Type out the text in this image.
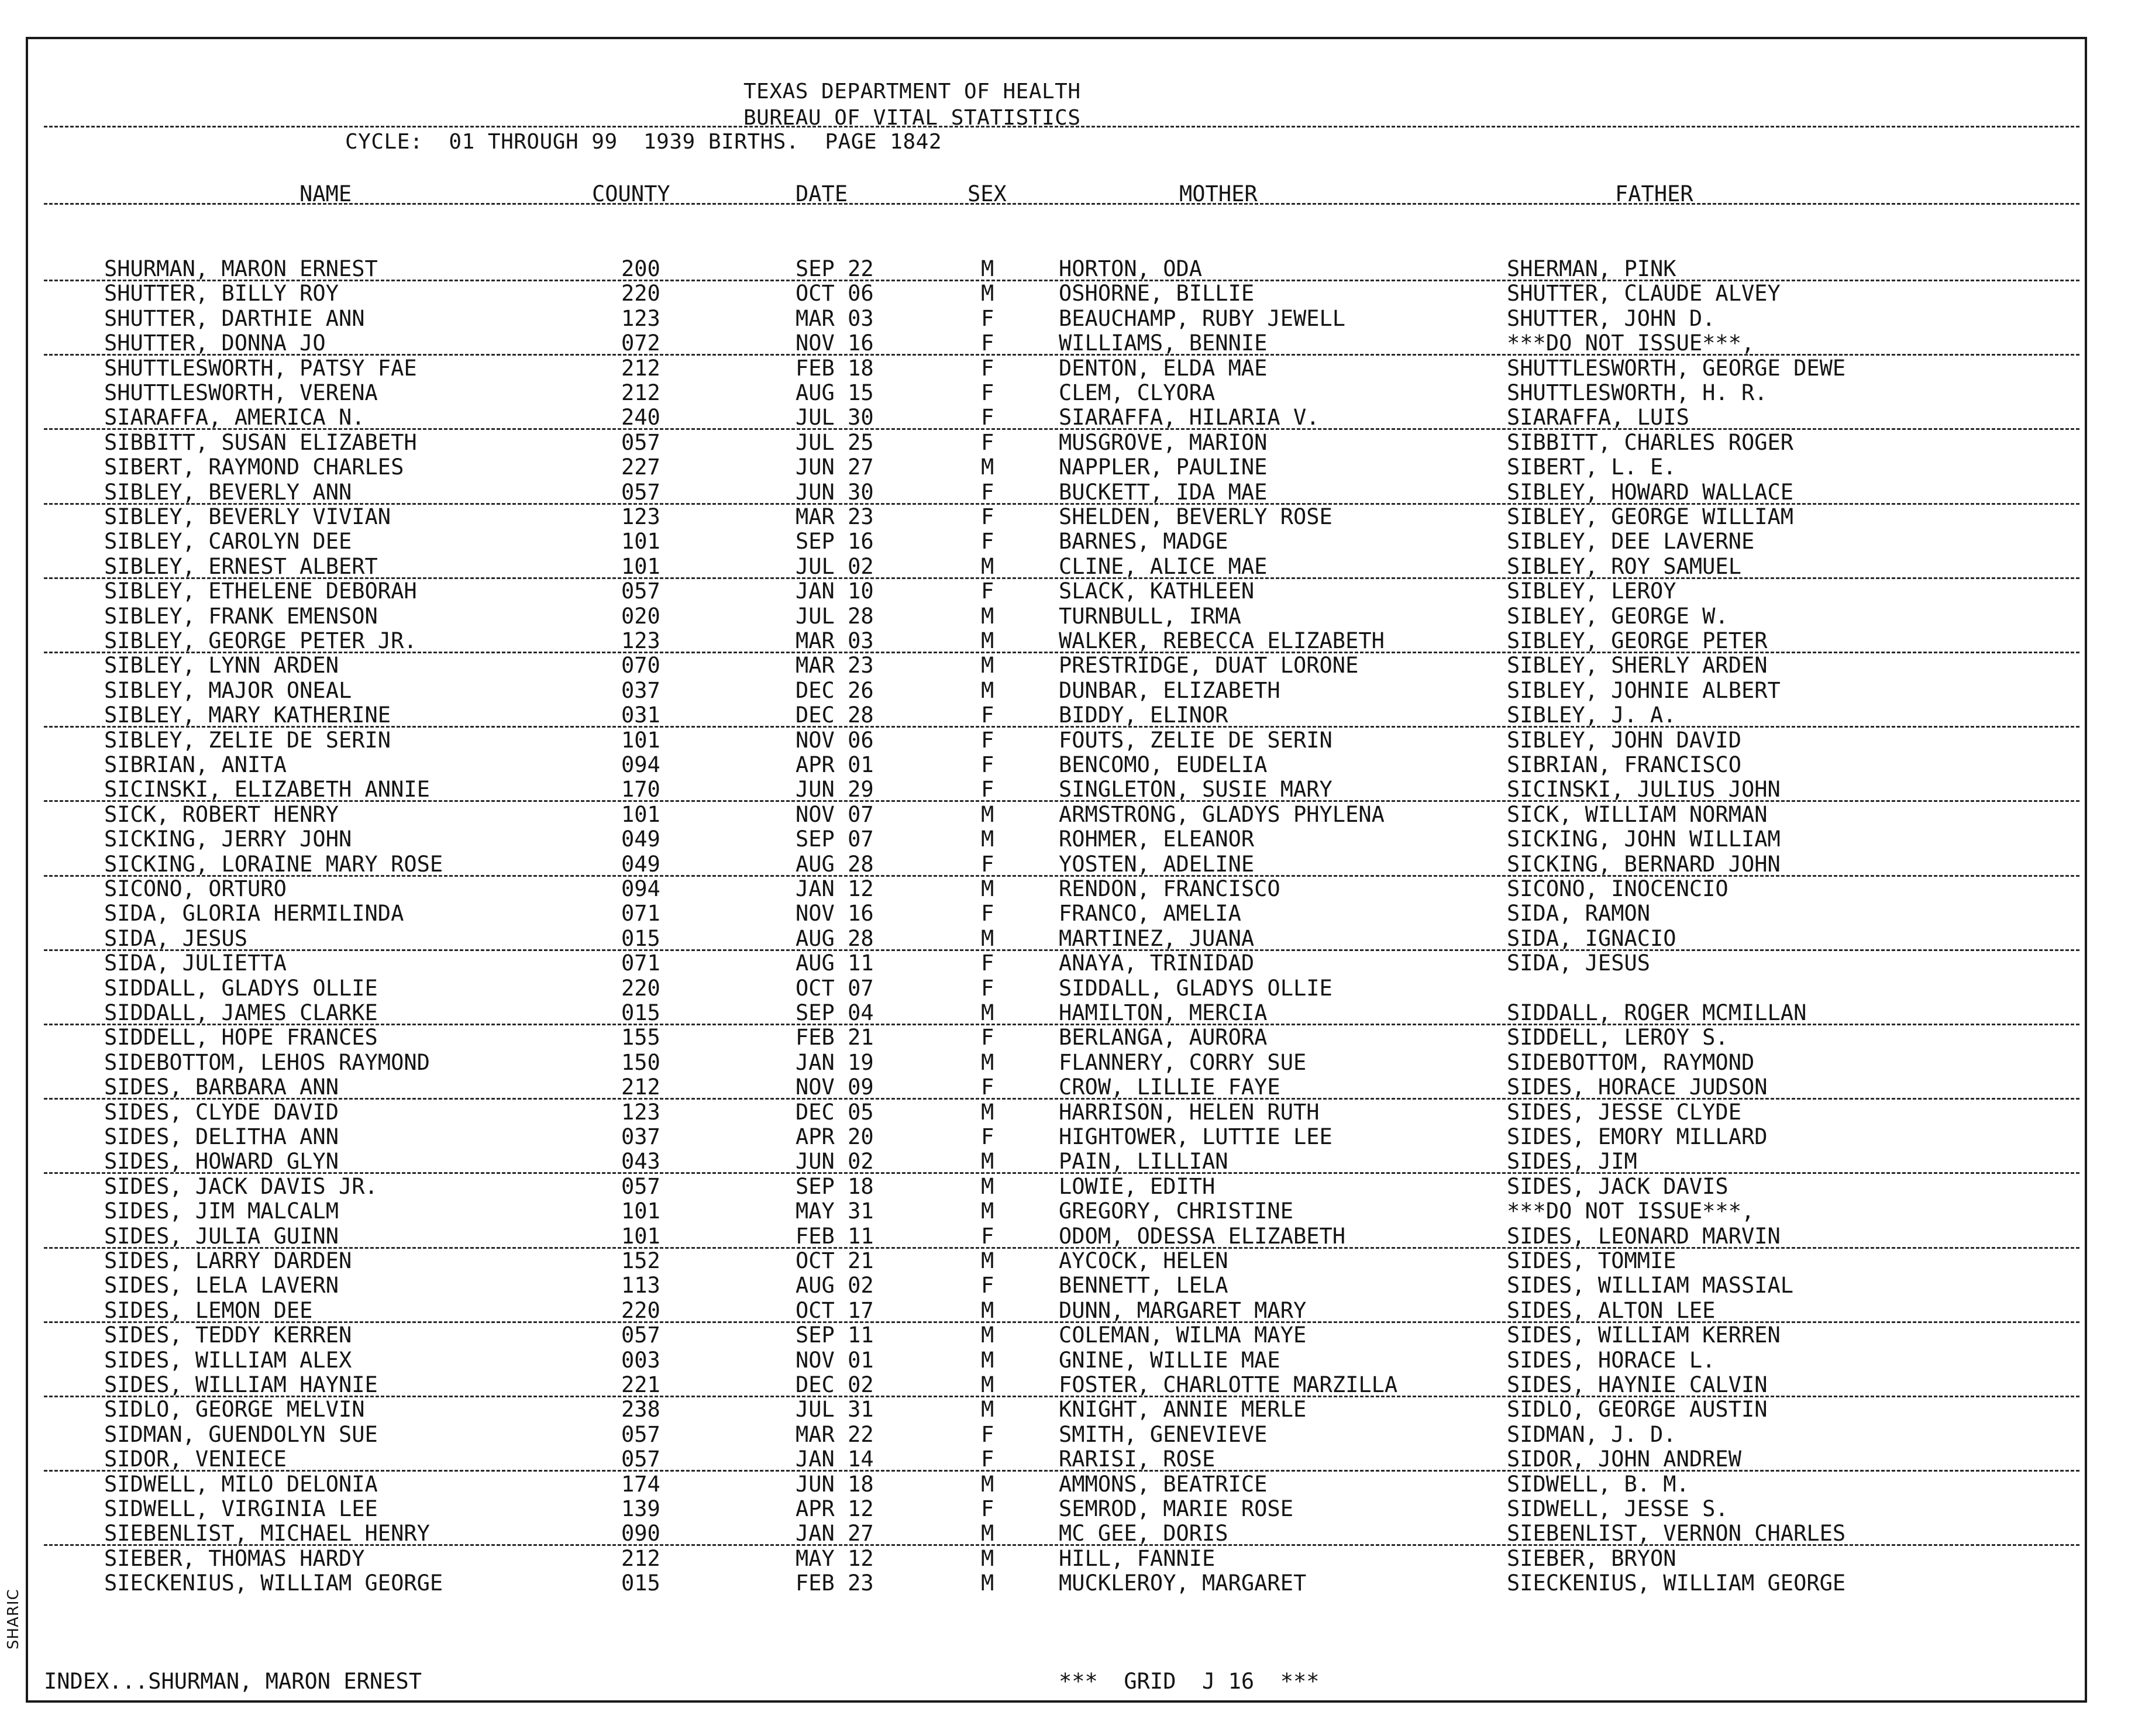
SHARIC
TEXAS DEPARTMENT OF HEALTH
BUREAU OF VITAL STATISTICS
CYCLE:  01 THROUGH 99  1939 BIRTHS.  PAGE 1842
NAME	COUNTY	DATE	SEX	MOTHER	FATHER
SHURMAN, MARON ERNEST	200	SEP 22	M	HORTON, ODA	SHERMAN, PINK
SHUTTER, BILLY ROY	220	OCT 06	M	OSHORNE, BILLIE	SHUTTER, CLAUDE ALVEY
SHUTTER, DARTHIE ANN	123	MAR 03	F	BEAUCHAMP, RUBY JEWELL	SHUTTER, JOHN D.
SHUTTER, DONNA JO	072	NOV 16	F	WILLIAMS, BENNIE	***DO NOT ISSUE***,
SHUTTLESWORTH, PATSY FAE	212	FEB 18	F	DENTON, ELDA MAE	SHUTTLESWORTH, GEORGE DEWE
SHUTTLESWORTH, VERENA	212	AUG 15	F	CLEM, CLYORA	SHUTTLESWORTH, H. R.
SIARAFFA, AMERICA N.	240	JUL 30	F	SIARAFFA, HILARIA V.	SIARAFFA, LUIS
SIBBITT, SUSAN ELIZABETH	057	JUL 25	F	MUSGROVE, MARION	SIBBITT, CHARLES ROGER
SIBERT, RAYMOND CHARLES	227	JUN 27	M	NAPPLER, PAULINE	SIBERT, L. E.
SIBLEY, BEVERLY ANN	057	JUN 30	F	BUCKETT, IDA MAE	SIBLEY, HOWARD WALLACE
SIBLEY, BEVERLY VIVIAN	123	MAR 23	F	SHELDEN, BEVERLY ROSE	SIBLEY, GEORGE WILLIAM
SIBLEY, CAROLYN DEE	101	SEP 16	F	BARNES, MADGE	SIBLEY, DEE LAVERNE
SIBLEY, ERNEST ALBERT	101	JUL 02	M	CLINE, ALICE MAE	SIBLEY, ROY SAMUEL
SIBLEY, ETHELENE DEBORAH	057	JAN 10	F	SLACK, KATHLEEN	SIBLEY, LEROY
SIBLEY, FRANK EMENSON	020	JUL 28	M	TURNBULL, IRMA	SIBLEY, GEORGE W.
SIBLEY, GEORGE PETER JR.	123	MAR 03	M	WALKER, REBECCA ELIZABETH	SIBLEY, GEORGE PETER
SIBLEY, LYNN ARDEN	070	MAR 23	M	PRESTRIDGE, DUAT LORONE	SIBLEY, SHERLY ARDEN
SIBLEY, MAJOR ONEAL	037	DEC 26	M	DUNBAR, ELIZABETH	SIBLEY, JOHNIE ALBERT
SIBLEY, MARY KATHERINE	031	DEC 28	F	BIDDY, ELINOR	SIBLEY, J. A.
SIBLEY, ZELIE DE SERIN	101	NOV 06	F	FOUTS, ZELIE DE SERIN	SIBLEY, JOHN DAVID
SIBRIAN, ANITA	094	APR 01	F	BENCOMO, EUDELIA	SIBRIAN, FRANCISCO
SICINSKI, ELIZABETH ANNIE	170	JUN 29	F	SINGLETON, SUSIE MARY	SICINSKI, JULIUS JOHN
SICK, ROBERT HENRY	101	NOV 07	M	ARMSTRONG, GLADYS PHYLENA	SICK, WILLIAM NORMAN
SICKING, JERRY JOHN	049	SEP 07	M	ROHMER, ELEANOR	SICKING, JOHN WILLIAM
SICKING, LORAINE MARY ROSE	049	AUG 28	F	YOSTEN, ADELINE	SICKING, BERNARD JOHN
SICONO, ORTURO	094	JAN 12	M	RENDON, FRANCISCO	SICONO, INOCENCIO
SIDA, GLORIA HERMILINDA	071	NOV 16	F	FRANCO, AMELIA	SIDA, RAMON
SIDA, JESUS	015	AUG 28	M	MARTINEZ, JUANA	SIDA, IGNACIO
SIDA, JULIETTA	071	AUG 11	F	ANAYA, TRINIDAD	SIDA, JESUS
SIDDALL, GLADYS OLLIE	220	OCT 07	F	SIDDALL, GLADYS OLLIE
SIDDALL, JAMES CLARKE	015	SEP 04	M	HAMILTON, MERCIA	SIDDALL, ROGER MCMILLAN
SIDDELL, HOPE FRANCES	155	FEB 21	F	BERLANGA, AURORA	SIDDELL, LEROY S.
SIDEBOTTOM, LEHOS RAYMOND	150	JAN 19	M	FLANNERY, CORRY SUE	SIDEBOTTOM, RAYMOND
SIDES, BARBARA ANN	212	NOV 09	F	CROW, LILLIE FAYE	SIDES, HORACE JUDSON
SIDES, CLYDE DAVID	123	DEC 05	M	HARRISON, HELEN RUTH	SIDES, JESSE CLYDE
SIDES, DELITHA ANN	037	APR 20	F	HIGHTOWER, LUTTIE LEE	SIDES, EMORY MILLARD
SIDES, HOWARD GLYN	043	JUN 02	M	PAIN, LILLIAN	SIDES, JIM
SIDES, JACK DAVIS JR.	057	SEP 18	M	LOWIE, EDITH	SIDES, JACK DAVIS
SIDES, JIM MALCALM	101	MAY 31	M	GREGORY, CHRISTINE	***DO NOT ISSUE***,
SIDES, JULIA GUINN	101	FEB 11	F	ODOM, ODESSA ELIZABETH	SIDES, LEONARD MARVIN
SIDES, LARRY DARDEN	152	OCT 21	M	AYCOCK, HELEN	SIDES, TOMMIE
SIDES, LELA LAVERN	113	AUG 02	F	BENNETT, LELA	SIDES, WILLIAM MASSIAL
SIDES, LEMON DEE	220	OCT 17	M	DUNN, MARGARET MARY	SIDES, ALTON LEE
SIDES, TEDDY KERREN	057	SEP 11	M	COLEMAN, WILMA MAYE	SIDES, WILLIAM KERREN
SIDES, WILLIAM ALEX	003	NOV 01	M	GNINE, WILLIE MAE	SIDES, HORACE L.
SIDES, WILLIAM HAYNIE	221	DEC 02	M	FOSTER, CHARLOTTE MARZILLA	SIDES, HAYNIE CALVIN
SIDLO, GEORGE MELVIN	238	JUL 31	M	KNIGHT, ANNIE MERLE	SIDLO, GEORGE AUSTIN
SIDMAN, GUENDOLYN SUE	057	MAR 22	F	SMITH, GENEVIEVE	SIDMAN, J. D.
SIDOR, VENIECE	057	JAN 14	F	RARISI, ROSE	SIDOR, JOHN ANDREW
SIDWELL, MILO DELONIA	174	JUN 18	M	AMMONS, BEATRICE	SIDWELL, B. M.
SIDWELL, VIRGINIA LEE	139	APR 12	F	SEMROD, MARIE ROSE	SIDWELL, JESSE S.
SIEBENLIST, MICHAEL HENRY	090	JAN 27	M	MC GEE, DORIS	SIEBENLIST, VERNON CHARLES
SIEBER, THOMAS HARDY	212	MAY 12	M	HILL, FANNIE	SIEBER, BRYON
SIECKENIUS, WILLIAM GEORGE	015	FEB 23	M	MUCKLEROY, MARGARET	SIECKENIUS, WILLIAM GEORGE
INDEX...SHURMAN, MARON ERNEST	***  GRID  J 16  ***
